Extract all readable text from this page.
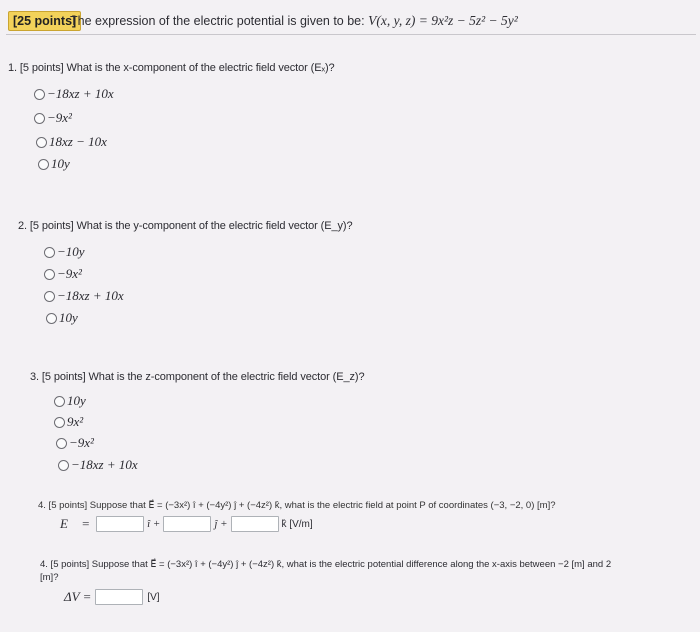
[25 points]
The expression of the electric potential is given to be: V(x, y, z) = 9x²z − 5z² − 5y²
1. [5 points] What is the x-component of the electric field vector (Eₓ)?
−18xz + 10x
−9x²
18xz − 10x
10y
2. [5 points] What is the y-component of the electric field vector (E_y)?
−10y
−9x²
−18xz + 10x
10y
3. [5 points] What is the z-component of the electric field vector (E_z)?
10y
9x²
−9x²
−18xz + 10x
4. [5 points] Suppose that E⃗ = (−3x²) î + (−4y²) ĵ + (−4z²) k̂, what is the electric field at point P of coordinates (−3, −2, 0) [m]?
E⃗ =	î +	ĵ +	k̂ [V/m]
4. [5 points] Suppose that E⃗ = (−3x²) î + (−4y²) ĵ + (−4z²) k̂, what is the electric potential difference along the x-axis between −2 [m] and 2
[m]?
ΔV =	[V]
